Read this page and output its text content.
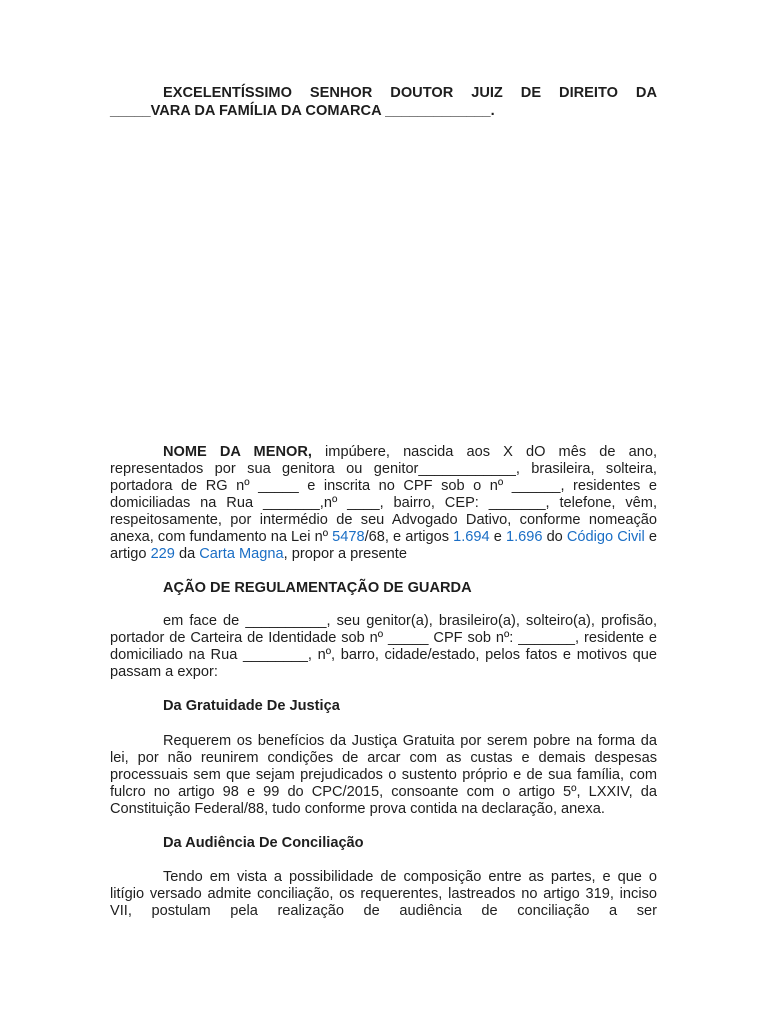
EXCELENTÍSSIMO SENHOR DOUTOR JUIZ DE DIREITO DA
_____VARA DA FAMÍLIA DA COMARCA _____________.

NOME DA MENOR, impúbere, nascida aos X dO mês de ano, representados por sua genitora ou genitor____________, brasileira, solteira, portadora de RG nº _____ e inscrita no CPF sob o nº ______, residentes e domiciliadas na Rua _______,nº ____, bairro, CEP: _______, telefone, vêm, respeitosamente, por intermédio de seu Advogado Dativo, conforme nomeação anexa, com fundamento na Lei nº 5478/68, e artigos 1.694 e 1.696 do Código Civil e artigo 229 da Carta Magna, propor a presente

AÇÃO DE REGULAMENTAÇÃO DE GUARDA

em face de __________, seu genitor(a), brasileiro(a), solteiro(a), profisão, portador de Carteira de Identidade sob nº _____ CPF sob nº: _______, residente e domiciliado na Rua ________, nº, barro, cidade/estado, pelos fatos e motivos que passam a expor:

Da Gratuidade De Justiça

Requerem os benefícios da Justiça Gratuita por serem pobre na forma da lei, por não reunirem condições de arcar com as custas e demais despesas processuais sem que sejam prejudicados o sustento próprio e de sua família, com fulcro no artigo 98 e 99 do CPC/2015, consoante com o artigo 5º, LXXIV, da Constituição Federal/88, tudo conforme prova contida na declaração, anexa.

Da Audiência De Conciliação

Tendo em vista a possibilidade de composição entre as partes, e que o litígio versado admite conciliação, os requerentes, lastreados no artigo 319, inciso VII, postulam pela realização de audiência de conciliação a ser
